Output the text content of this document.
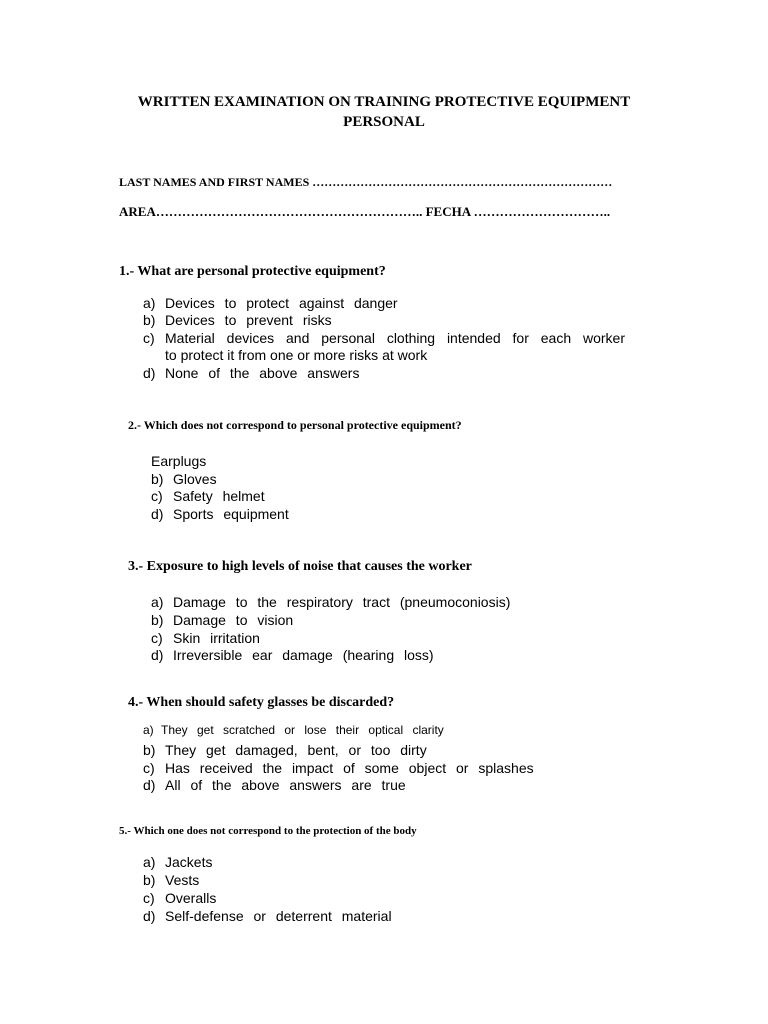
WRITTEN EXAMINATION ON TRAINING PROTECTIVE EQUIPMENT
PERSONAL
LAST NAMES AND FIRST NAMES …………………………………………………………………
AREA…………………………………………………….. FECHA …………………………..
1.- What are personal protective equipment?
a) Devices to protect against danger
b) Devices to prevent risks
c) Material devices and personal clothing intended for each worker
to protect it from one or more risks at work
d) None of the above answers
2.- Which does not correspond to personal protective equipment?
Earplugs
b) Gloves
c) Safety helmet
d) Sports equipment
3.- Exposure to high levels of noise that causes the worker
a) Damage to the respiratory tract (pneumoconiosis)
b) Damage to vision
c) Skin irritation
d) Irreversible ear damage (hearing loss)
4.- When should safety glasses be discarded?
a) They get scratched or lose their optical clarity
b) They get damaged, bent, or too dirty
c) Has received the impact of some object or splashes
d) All of the above answers are true
5.- Which one does not correspond to the protection of the body
a) Jackets
b) Vests
c) Overalls
d) Self-defense or deterrent material
